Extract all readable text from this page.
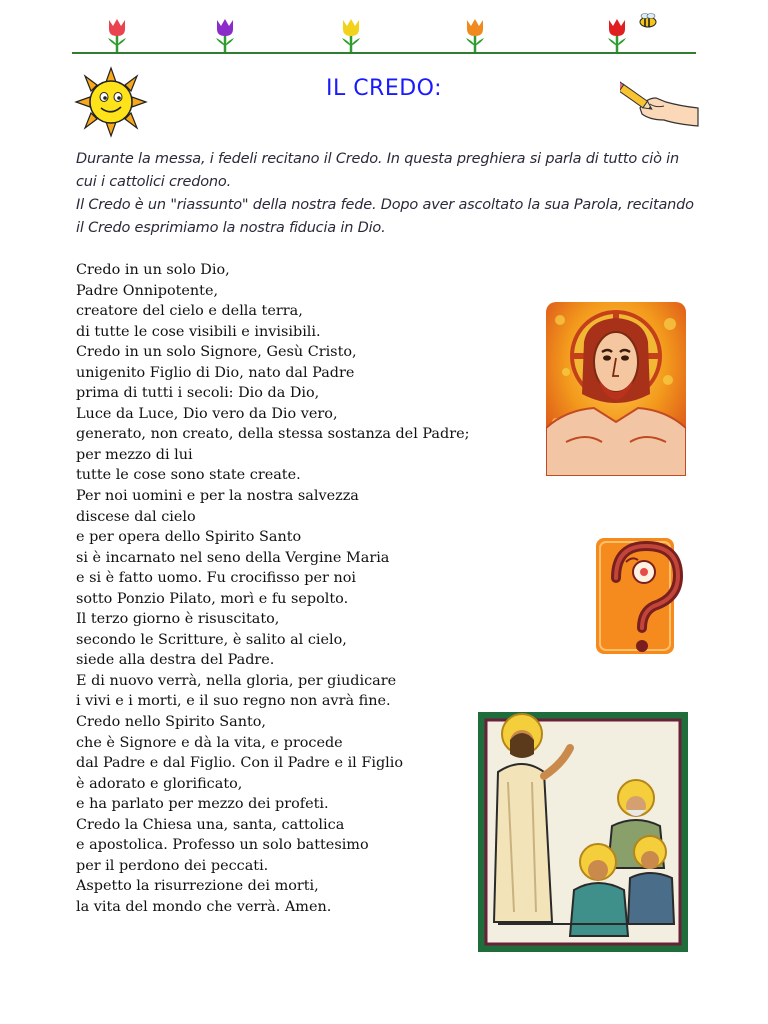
IL CREDO:

Durante la messa, i fedeli recitano il Credo. In questa preghiera si parla di tutto ciò in cui i cattolici credono.

Il Credo è un "riassunto" della nostra fede. Dopo aver ascoltato la sua Parola, recitando il Credo esprimiamo la nostra fiducia in Dio.

Credo in un solo Dio,
Padre Onnipotente,
creatore del cielo e della terra,
di tutte le cose visibili e invisibili.
Credo in un solo Signore, Gesù Cristo,
unigenito Figlio di Dio, nato dal Padre
prima di tutti i secoli: Dio da Dio,
Luce da Luce, Dio vero da Dio vero,
generato, non creato, della stessa sostanza del Padre;
per mezzo di lui
tutte le cose sono state create.
Per noi uomini e per la nostra salvezza
discese dal cielo
e per opera dello Spirito Santo
si è incarnato nel seno della Vergine Maria
e si è fatto uomo. Fu crocifisso per noi
sotto Ponzio Pilato, morì e fu sepolto.
Il terzo giorno è risuscitato,
secondo le Scritture, è salito al cielo,
siede alla destra del Padre.
E di nuovo verrà, nella gloria, per giudicare
i vivi e i morti, e il suo regno non avrà fine.
Credo nello Spirito Santo,
che è Signore e dà la vita, e procede
dal Padre e dal Figlio. Con il Padre e il Figlio
è adorato e glorificato,
e ha parlato per mezzo dei profeti.
Credo la Chiesa una, santa, cattolica
e apostolica. Professo un solo battesimo
per il perdono dei peccati.
Aspetto la risurrezione dei morti,
la vita del mondo che verrà. Amen.
